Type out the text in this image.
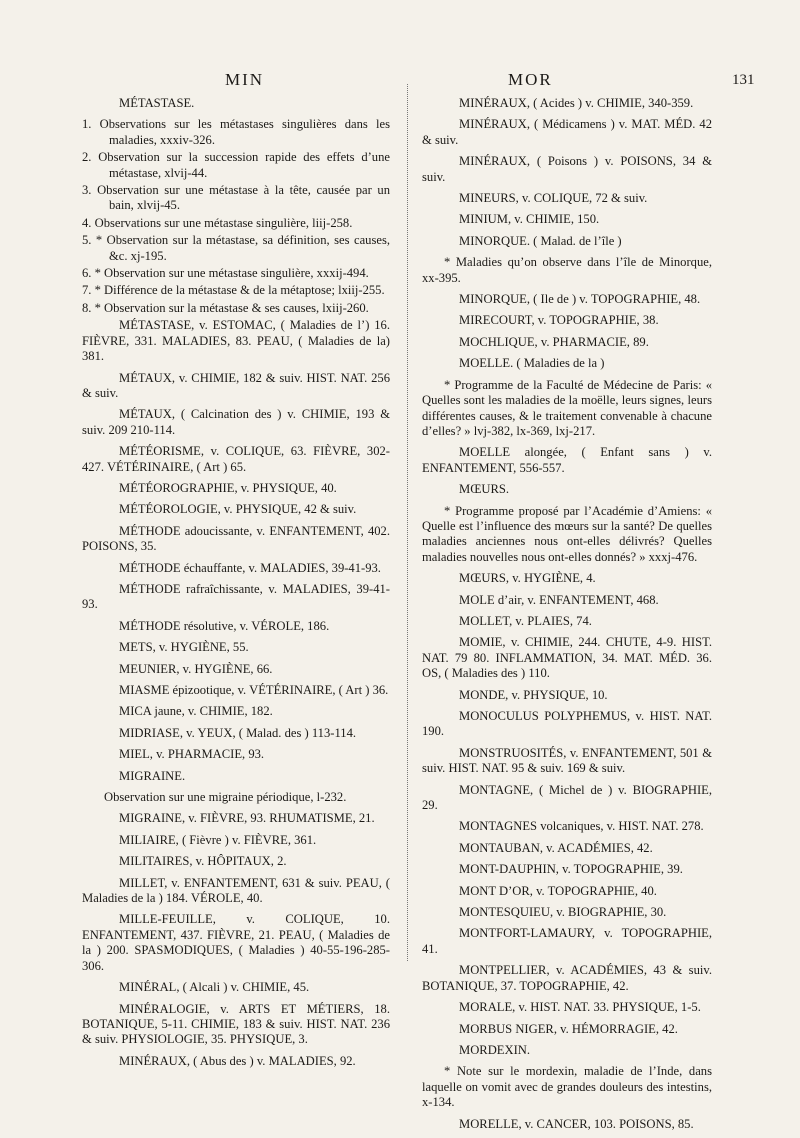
MIN	MOR	131

MÉTASTASE.

1. Observations sur les métastases singulières dans les maladies, xxxiv-326.

2. Observation sur la succession rapide des effets d’une métastase, xlvij-44.

3. Observation sur une métastase à la tête, causée par un bain, xlvij-45.

4. Observations sur une métastase singulière, liij-258.

5. * Observation sur la métastase, sa définition, ses causes, &c. xj-195.

6. * Observation sur une métastase singulière, xxxij-494.

7. * Différence de la métastase & de la métaptose; lxiij-255.

8. * Observation sur la métastase & ses causes, lxiij-260.

MÉTASTASE, v. ESTOMAC, ( Maladies de l’) 16. FIÈVRE, 331. MALADIES, 83. PEAU, ( Maladies de la) 381.

MÉTAUX, v. CHIMIE, 182 & suiv. HIST. NAT. 256 & suiv.

MÉTAUX, ( Calcination des ) v. CHIMIE, 193 & suiv. 209 210-114.

MÉTÉORISME, v. COLIQUE, 63. FIÈVRE, 302-427. VÉTÉRINAIRE, ( Art ) 65.

MÉTÉOROGRAPHIE, v. PHYSIQUE, 40.

MÉTÉOROLOGIE, v. PHYSIQUE, 42 & suiv.

MÉTHODE adoucissante, v. ENFANTEMENT, 402. POISONS, 35.

MÉTHODE échauffante, v. MALADIES, 39-41-93.

MÉTHODE rafraîchissante, v. MALADIES, 39-41-93.

MÉTHODE résolutive, v. VÉROLE, 186.

METS, v. HYGIÈNE, 55.

MEUNIER, v. HYGIÈNE, 66.

MIASME épizootique, v. VÉTÉRINAIRE, ( Art ) 36.

MICA jaune, v. CHIMIE, 182.

MIDRIASE, v. YEUX, ( Malad. des ) 113-114.

MIEL, v. PHARMACIE, 93.

MIGRAINE.

Observation sur une migraine périodique, l-232.

MIGRAINE, v. FIÈVRE, 93. RHUMATISME, 21.

MILIAIRE, ( Fièvre ) v. FIÈVRE, 361.

MILITAIRES, v. HÔPITAUX, 2.

MILLET, v. ENFANTEMENT, 631 & suiv. PEAU, ( Maladies de la ) 184. VÉROLE, 40.

MILLE-FEUILLE, v. COLIQUE, 10. ENFANTEMENT, 437. FIÈVRE, 21. PEAU, ( Maladies de la ) 200. SPASMODIQUES, ( Maladies ) 40-55-196-285-306.

MINÉRAL, ( Alcali ) v. CHIMIE, 45.

MINÉRALOGIE, v. ARTS ET MÉTIERS, 18. BOTANIQUE, 5-11. CHIMIE, 183 & suiv. HIST. NAT. 236 & suiv. PHYSIOLOGIE, 35. PHYSIQUE, 3.

MINÉRAUX, ( Abus des ) v. MALADIES, 92.

MINÉRAUX, ( Acides ) v. CHIMIE, 340-359.

MINÉRAUX, ( Médicamens ) v. MAT. MÉD. 42 & suiv.

MINÉRAUX, ( Poisons ) v. POISONS, 34 & suiv.

MINEURS, v. COLIQUE, 72 & suiv.

MINIUM, v. CHIMIE, 150.

MINORQUE. ( Malad. de l’île )

* Maladies qu’on observe dans l’île de Minorque, xx-395.

MINORQUE, ( Ile de ) v. TOPOGRAPHIE, 48.

MIRECOURT, v. TOPOGRAPHIE, 38.

MOCHLIQUE, v. PHARMACIE, 89.

MOELLE. ( Maladies de la )

* Programme de la Faculté de Médecine de Paris: « Quelles sont les maladies de la moëlle, leurs signes, leurs différentes causes, & le traitement convenable à chacune d’elles? » lvj-382, lx-369, lxj-217.

MOELLE alongée, ( Enfant sans ) v. ENFANTEMENT, 556-557.

MŒURS.

* Programme proposé par l’Académie d’Amiens: « Quelle est l’influence des mœurs sur la santé? De quelles maladies anciennes nous ont-elles délivrés? Quelles maladies nouvelles nous ont-elles donnés? » xxxj-476.

MŒURS, v. HYGIÈNE, 4.

MOLE d’air, v. ENFANTEMENT, 468.

MOLLET, v. PLAIES, 74.

MOMIE, v. CHIMIE, 244. CHUTE, 4-9. HIST. NAT. 79 80. INFLAMMATION, 34. MAT. MÉD. 36. OS, ( Maladies des ) 110.

MONDE, v. PHYSIQUE, 10.

MONOCULUS POLYPHEMUS, v. HIST. NAT. 190.

MONSTRUOSITÉS, v. ENFANTEMENT, 501 & suiv. HIST. NAT. 95 & suiv. 169 & suiv.

MONTAGNE, ( Michel de ) v. BIOGRAPHIE, 29.

MONTAGNES volcaniques, v. HIST. NAT. 278.

MONTAUBAN, v. ACADÉMIES, 42.

MONT-DAUPHIN, v. TOPOGRAPHIE, 39.

MONT D’OR, v. TOPOGRAPHIE, 40.

MONTESQUIEU, v. BIOGRAPHIE, 30.

MONTFORT-LAMAURY, v. TOPOGRAPHIE, 41.

MONTPELLIER, v. ACADÉMIES, 43 & suiv. BOTANIQUE, 37. TOPOGRAPHIE, 42.

MORALE, v. HIST. NAT. 33. PHYSIQUE, 1-5.

MORBUS NIGER, v. HÉMORRAGIE, 42.

MORDEXIN.

* Note sur le mordexin, maladie de l’Inde, dans laquelle on vomit avec de grandes douleurs des intestins, x-134.

MORELLE, v. CANCER, 103. POISONS, 85.
